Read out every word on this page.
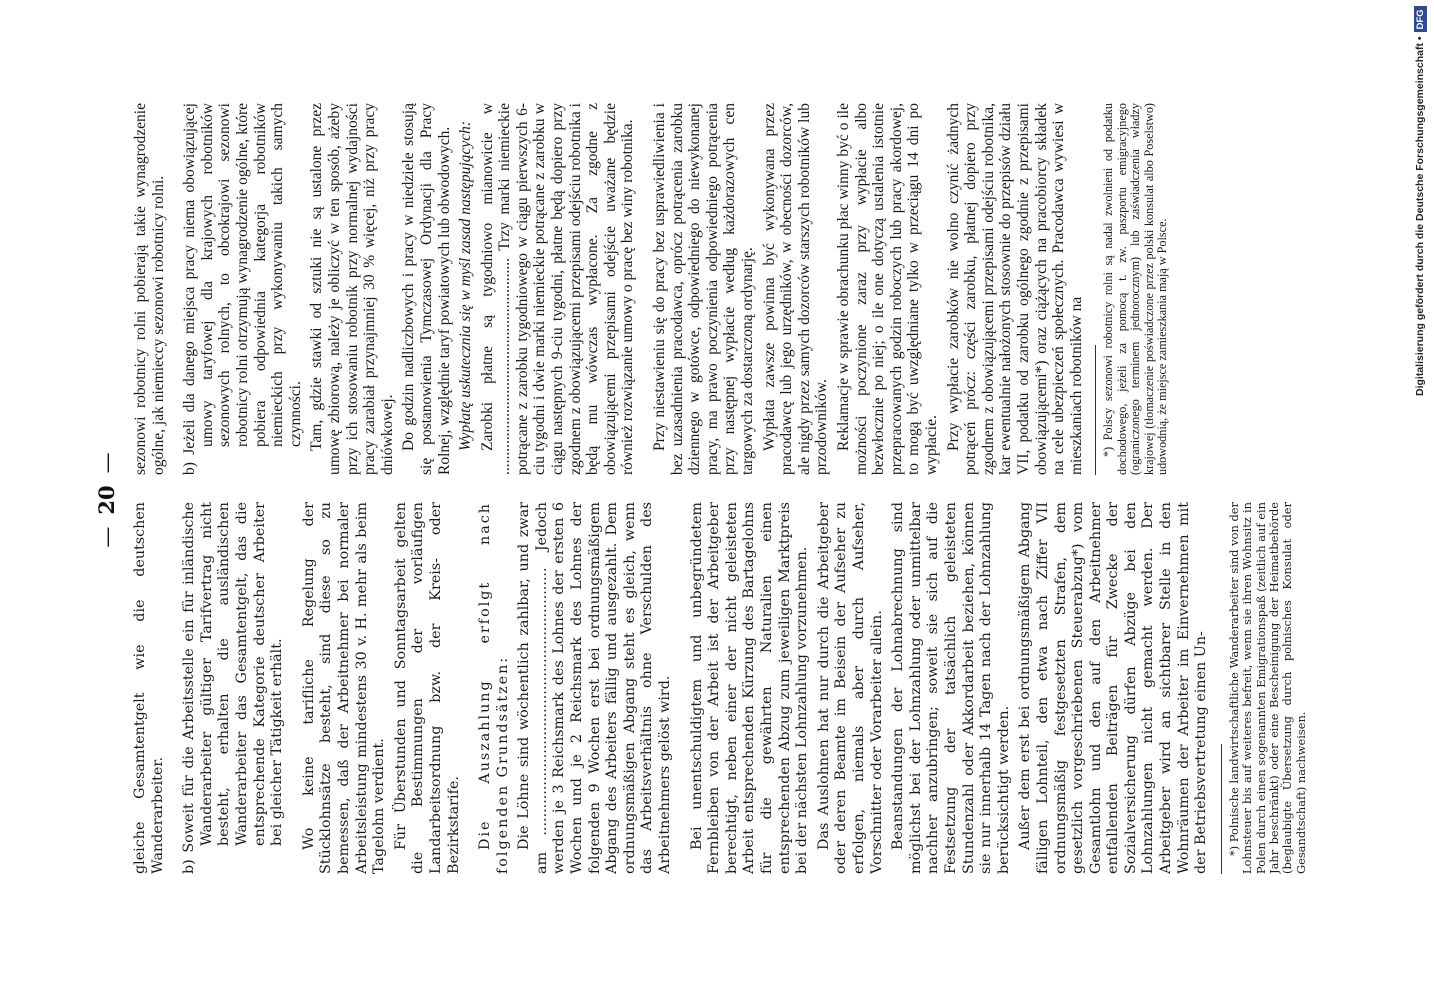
—20—

gleiche Gesamtentgelt wie die deutschen Wanderarbeiter. b) Soweit für die Arbeitsstelle ein für inländische Wanderarbeiter gültiger Tarifvertrag nicht besteht, erhalten die ausländischen Wanderarbeiter das Gesamtentgelt, das die entsprechende Kategorie deutscher Arbeiter bei gleicher Tätigkeit erhält. Wo keine tarifliche Regelung der Stücklohnsätze besteht, sind diese so zu bemessen, daß der Arbeitnehmer bei normaler Arbeitsleistung mindestens 30 v. H. mehr als beim Tagelohn verdient. Für Überstunden und Sonntagsarbeit gelten die Bestimmungen der vorläufigen Landarbeitsordnung bzw. der Kreis- oder Bezirkstarife. Die Auszahlung erfolgt nach folgenden Grundsätzen: Die Löhne sind wöchentlich zahlbar, und zwar am ........................................................... Jedoch werden je 3 Reichsmark des Lohnes der ersten 6 Wochen und je 2 Reichsmark des Lohnes der folgenden 9 Wochen erst bei ordnungsmäßigem Abgang des Arbeiters fällig und ausgezahlt. Dem ordnungsmäßigen Abgang steht es gleich, wenn das Arbeitsverhältnis ohne Verschulden des Arbeitnehmers gelöst wird. Bei unentschuldigtem und unbegründetem Fernbleiben von der Arbeit ist der Arbeitgeber berechtigt, neben einer der nicht geleisteten Arbeit entsprechenden Kürzung des Bartagelohns für die gewährten Naturalien einen entsprechenden Abzug zum jeweiligen Marktpreis bei der nächsten Lohnzahlung vorzunehmen. Das Auslohnen hat nur durch die Arbeitgeber oder deren Beamte im Beisein der Aufseher zu erfolgen, niemals aber durch Aufseher, Vorschnitter oder Vorarbeiter allein. Beanstandungen der Lohnabrechnung sind möglichst bei der Lohnzahlung oder unmittelbar nachher anzubringen; soweit sie sich auf die Festsetzung der tatsächlich geleisteten Stundenzahl oder Akkordarbeit beziehen, können sie nur innerhalb 14 Tagen nach der Lohnzahlung berücksichtigt werden. Außer dem erst bei ordnungsmäßigem Abgang fälligen Lohnteil, den etwa nach Ziffer VII ordnungsmäßig festgesetzten Strafen, dem gesetzlich vorgeschriebenen Steuerabzug*) vom Gesamtlohn und den auf den Arbeitnehmer entfallenden Beiträgen für Zwecke der Sozialversicherung dürfen Abzüge bei den Lohnzahlungen nicht gemacht werden. Der Arbeitgeber wird an sichtbarer Stelle in den Wohnräumen der Arbeiter im Einvernehmen mit der Betriebsvertretung einen Un- *) Polnische landwirtschaftliche Wanderarbeiter sind von der Lohnsteuer bis auf weiteres befreit, wenn sie ihren Wohnsitz in Polen durch einen sogenannten Emigrationspaß (zeitlich auf ein Jahr beschränkt) oder eine Bescheinigung der Heimatbehörde (beglaubigte Übersetzung durch polnisches Konsulat oder Gesandtschaft) nachweisen.

sezonowi robotnicy rolni pobierają takie wynagrodzenie ogólne, jak niemieccy sezonowi robotnicy rolni. b) Jeżeli dla danego miejsca pracy niema obowiązującej umowy taryfowej dla krajowych robotników sezonowych rolnych, to obcokrajowi sezonowi robotnicy rolni otrzymują wynagrodzenie ogólne, które pobiera odpowiednia kategorja robotników niemieckich przy wykonywaniu takich samych czynności. Tam, gdzie stawki od sztuki nie są ustalone przez umowę zbiorową, należy je obliczyć w ten sposób, ażeby przy ich stosowaniu robotnik przy normalnej wydajności pracy zarabiał przynajmniej 30 % więcej, niż przy pracy dniówkowej. Do godzin nadliczbowych i pracy w niedziele stosują się postanowienia Tymczasowej Ordynacji dla Pracy Rolnej, względnie taryf powiatowych lub obwodowych. Wypłatę uskutecznia się w myśl zasad następujących: Zarobki płatne są tygodniowo mianowicie w ........................................................ Trzy marki niemieckie potrącane z zarobku tygodniowego w ciągu pierwszych 6-ciu tygodni i dwie marki niemieckie potrącane z zarobku w ciągu następnych 9-ciu tygodni, płatne będą dopiero przy zgodnem z obowiązującemi przepisami odejściu robotnika i będą mu wówczas wypłacone. Za zgodne z obowiązującemi przepisami odejście uważane będzie również rozwiązanie umowy o pracę bez winy robotnika. Przy niestawieniu się do pracy bez usprawiedliwienia i bez uzasadnienia pracodawca, oprócz potrącenia zarobku dziennego w gotówce, odpowiedniego do niewykonanej pracy, ma prawo poczynienia odpowiedniego potrącenia przy następnej wypłacie według każdorazowych cen targowych za dostarczoną ordynarję. Wypłata zawsze powinna być wykonywana przez pracodawcę lub jego urzędników, w obecności dozorców, ale nigdy przez samych dozorców starszych robotników lub przodowników. Reklamacje w sprawie obrachunku płac winny być o ile możności poczynione zaraz przy wypłacie albo bezwłocznie po niej; o ile one dotyczą ustalenia istotnie przepracowanych godzin roboczych lub pracy akordowej, to mogą być uwzględniane tylko w przeciągu 14 dni po wypłacie. Przy wypłacie zarobków nie wolno czynić żadnych potrąceń prócz: części zarobku, płatnej dopiero przy zgodnem z obowiązującemi przepisami odejściu robotnika, kar ewentualnie nałożonych stosownie do przepisów działu VII, podatku od zarobku ogólnego zgodnie z przepisami obowiązującemi*) oraz ciążących na pracobiorcy składek na cele ubezpieczeń społecznych. Pracodawca wywiesi w mieszkaniach robotników na *) Polscy sezonowi robotnicy rolni są nadal zwolnieni od podatku dochodowego, jeżeli za pomocą t. zw. paszportu emigracyjnego (ograniczonego terminem jednorocznym) lub zaświadczenia władzy krajowej (tłomaczenie poświadczone przez polski konsulat albo Poselstwo) udowodnią, że miejsce zamieszkania mają w Polsce.	Digitalisierung gefördert durch die Deutsche Forschungsgemeinschaft •DFG
